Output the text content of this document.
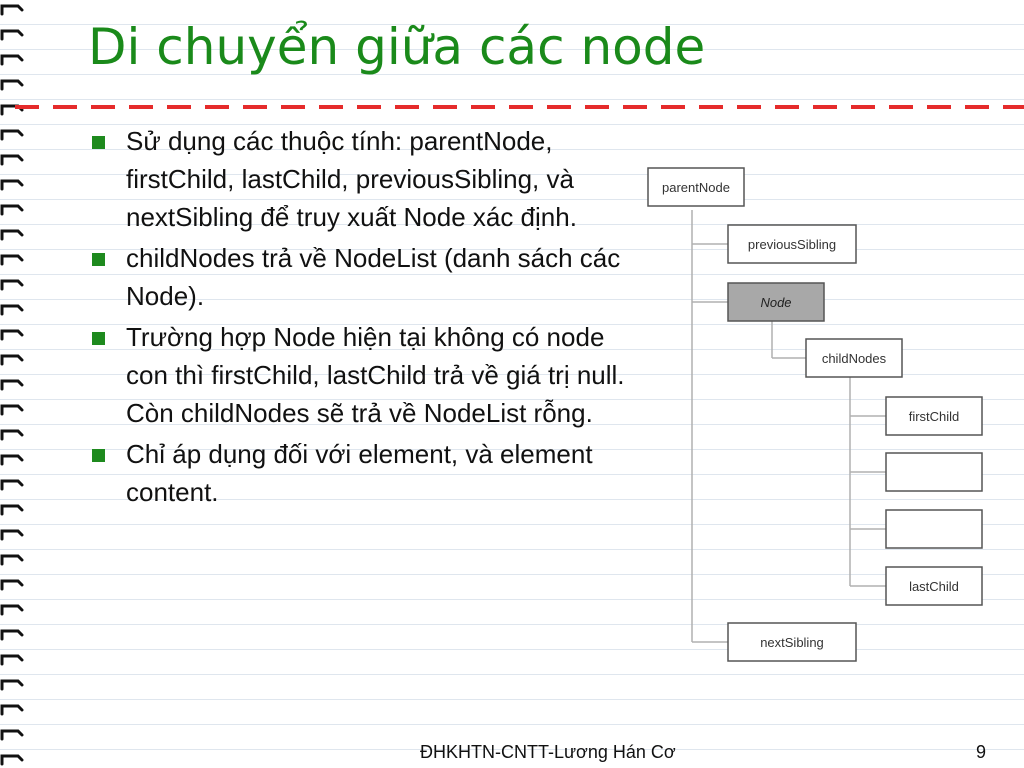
Di chuyển giữa các node
Sử dụng các thuộc tính: parentNode, firstChild, lastChild, previousSibling, và nextSibling để truy xuất Node xác định.
childNodes trả về NodeList (danh sách các Node).
Trường hợp Node hiện tại không có node con thì firstChild, lastChild trả về giá trị null. Còn childNodes sẽ trả về NodeList rỗng.
Chỉ áp dụng đối với element, và element content.
parentNode
previousSibling
Node
childNodes
firstChild
lastChild
nextSibling
ĐHKHTN-CNTT-Lương Hán Cơ	9
